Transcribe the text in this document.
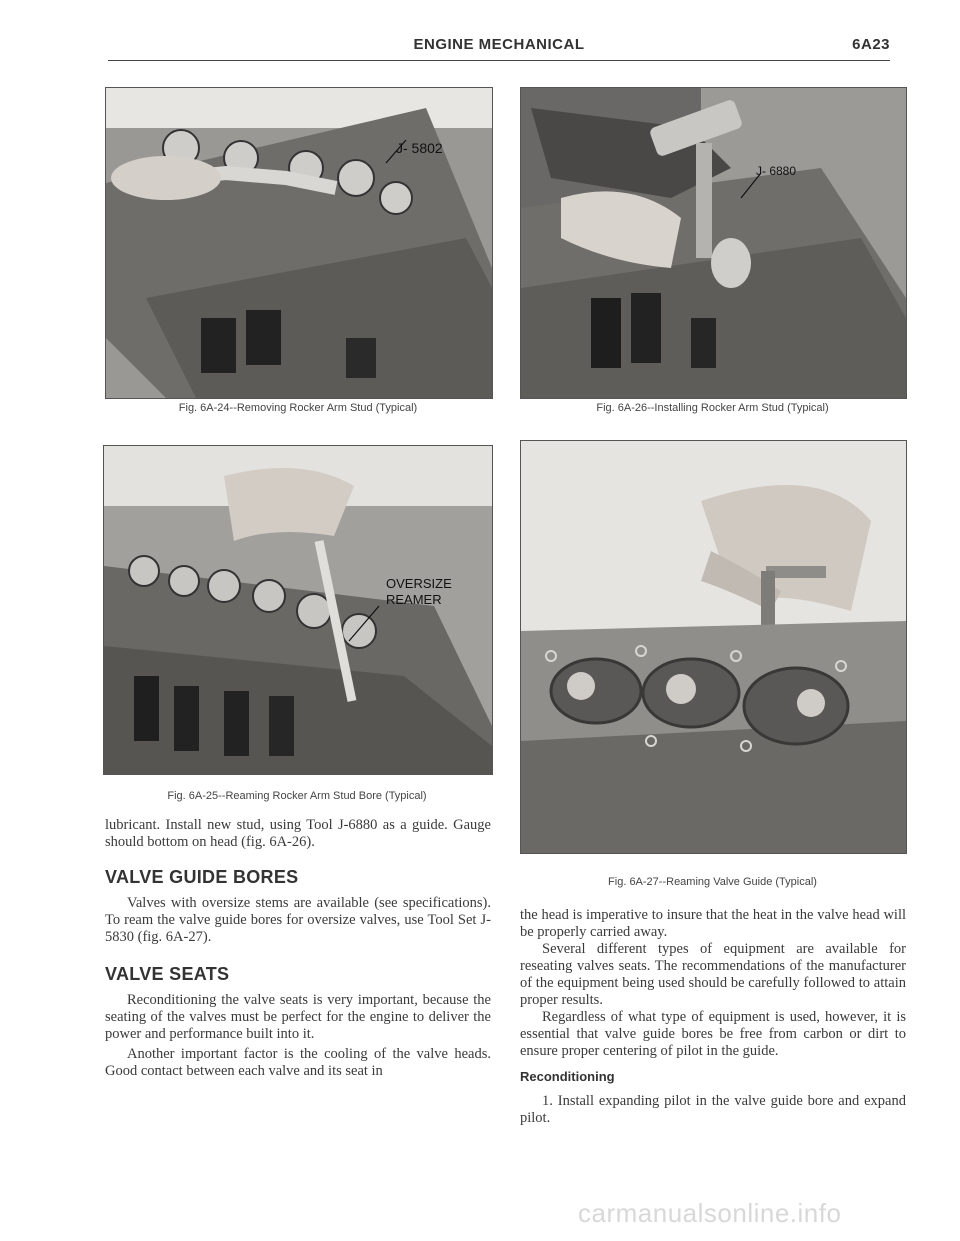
ENGINE MECHANICAL	6A23
J- 5802
Fig. 6A-24--Removing Rocker Arm Stud (Typical)
J- 6880
Fig. 6A-26--Installing Rocker Arm Stud (Typical)
OVERSIZE
REAMER
Fig. 6A-25--Reaming Rocker Arm Stud Bore (Typical)
Fig. 6A-27--Reaming Valve Guide (Typical)

lubricant. Install new stud, using Tool J-6880 as a guide. Gauge should bottom on head (fig. 6A-26).

VALVE GUIDE BORES

Valves with oversize stems are available (see specifications). To ream the valve guide bores for oversize valves, use Tool Set J-5830 (fig. 6A-27).

VALVE SEATS

Reconditioning the valve seats is very important, because the seating of the valves must be perfect for the engine to deliver the power and performance built into it.

Another important factor is the cooling of the valve heads. Good contact between each valve and its seat in

the head is imperative to insure that the heat in the valve head will be properly carried away.

Several different types of equipment are available for reseating valves seats. The recommendations of the manufacturer of the equipment being used should be carefully followed to attain proper results.

Regardless of what type of equipment is used, however, it is essential that valve guide bores be free from carbon or dirt to ensure proper centering of pilot in the guide.

Reconditioning

1. Install expanding pilot in the valve guide bore and expand pilot.

carmanualsonline.info
